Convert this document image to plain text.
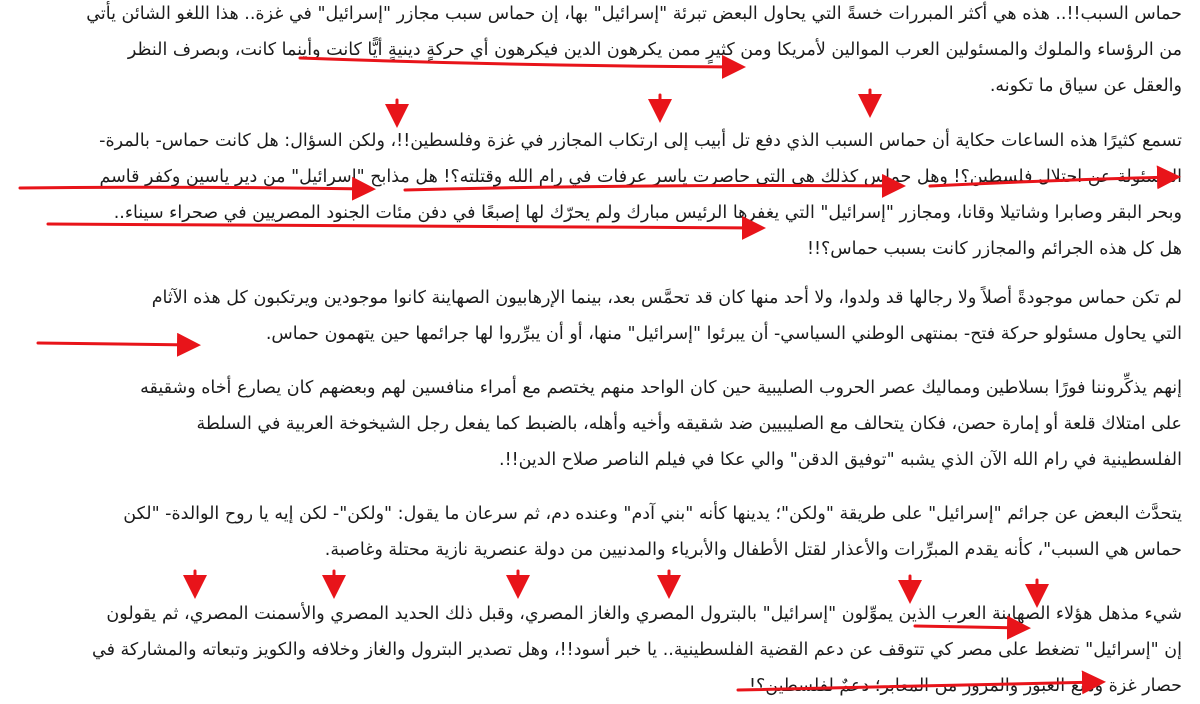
حماس السبب!!.. هذه هي أكثر المبررات خسةً التي يحاول البعض تبرئة "إسرائيل" بها، إن حماس سبب مجازر "إسرائيل" في غزة.. هذا اللغو الشائن يأتي
من الرؤساء والملوك والمسئولين العرب الموالين لأمريكا ومن كثيرٍ ممن يكرهون الدين فيكرهون أي حركةٍ دينيةٍ أيًّا كانت وأينما كانت، وبصرف النظر
والعقل عن سياق ما تكونه.

تسمع كثيرًا هذه الساعات حكاية أن حماس السبب الذي دفع تل أبيب إلى ارتكاب المجازر في غزة وفلسطين!!، ولكن السؤال: هل كانت حماس- بالمرة-
المسئولة عن احتلال فلسطين؟! وهل حماس كذلك هي التي حاصرت ياسر عرفات في رام الله وقتلته؟! هل مذابح "إسرائيل" من دير ياسين وكفر قاسم
وبحر البقر وصابرا وشاتيلا وقانا، ومجازر "إسرائيل" التي يغفرها الرئيس مبارك ولم يحرّك لها إصبعًا في دفن مئات الجنود المصريين في صحراء سيناء..
هل كل هذه الجرائم والمجازر كانت بسبب حماس؟!!

لم تكن حماس موجودةً أصلاً ولا رجالها قد ولدوا، ولا أحد منها كان قد تحمَّس بعد، بينما الإرهابيون الصهاينة كانوا موجودين ويرتكبون كل هذه الآثام
التي يحاول مسئولو حركة فتح- بمنتهى الوطني السياسي- أن يبرئوا "إسرائيل" منها، أو أن يبرِّروا لها جرائمها حين يتهمون حماس.

إنهم يذكِّروننا فورًا بسلاطين ومماليك عصر الحروب الصليبية حين كان الواحد منهم يختصم مع أمراء منافسين لهم وبعضهم كان يصارع أخاه وشقيقه
على امتلاك قلعة أو إمارة حصن، فكان يتحالف مع الصليبيين ضد شقيقه وأخيه وأهله، بالضبط كما يفعل رجل الشيخوخة العربية في السلطة
الفلسطينية في رام الله الآن الذي يشبه "توفيق الدقن" والي عكا في فيلم الناصر صلاح الدين!!.

يتحدَّث البعض عن جرائم "إسرائيل" على طريقة "ولكن"؛ يدينها كأنه "بني آدم" وعنده دم، ثم سرعان ما يقول: "ولكن"- لكن إيه يا روح الوالدة- "لكن
حماس هي السبب"، كأنه يقدم المبرِّرات والأعذار لقتل الأطفال والأبرياء والمدنيين من دولة عنصرية نازية محتلة وغاصبة.

شيء مذهل هؤلاء الصهاينة العرب الذين يموِّلون "إسرائيل" بالبترول المصري والغاز المصري، وقبل ذلك الحديد المصري والأسمنت المصري، ثم يقولون
إن "إسرائيل" تضغط على مصر كي تتوقف عن دعم القضية الفلسطينية.. يا خبر أسود!!، وهل تصدير البترول والغاز وخلافه والكويز وتبعاته والمشاركة في
حصار غزة ومنع العبور والمرور من المعابر؛ دعمٌ لفلسطين؟!
